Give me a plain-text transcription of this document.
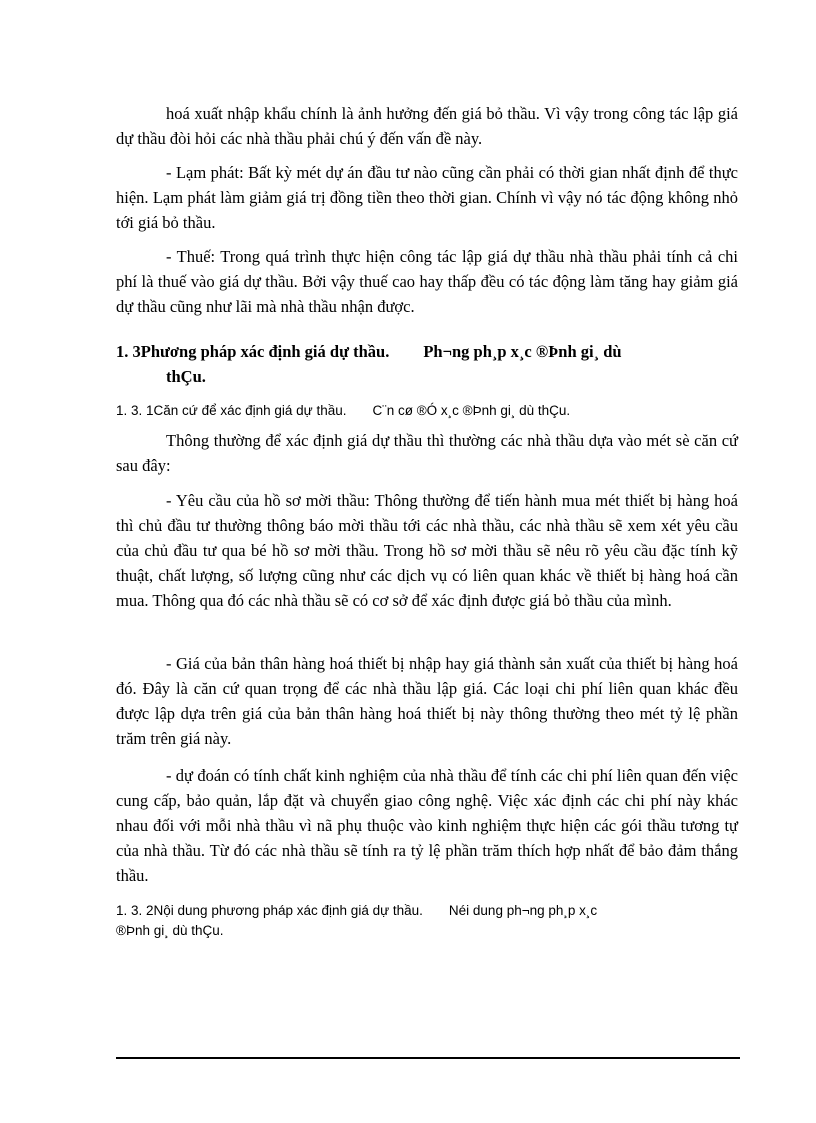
hoá xuất nhập khẩu chính là ảnh hưởng đến giá bỏ thầu. Vì vậy trong công tác lập giá dự thầu đòi hỏi các nhà thầu phải chú ý đến vấn đề này.

- Lạm phát: Bất kỳ mét dự án đầu tư nào cũng cần phải có thời gian nhất định để thực hiện. Lạm phát làm giảm giá trị đồng tiền theo thời gian. Chính vì vậy nó tác động không nhỏ tới giá bỏ thầu.

- Thuế: Trong quá trình thực hiện công tác lập giá dự thầu nhà thầu phải tính cả chi phí là thuế vào giá dự thầu. Bởi vậy thuế cao hay thấp đều có tác động làm tăng hay giảm giá dự thầu cũng như lãi mà nhà thầu nhận được.

1. 3Phương pháp xác định giá dự thầu. Ph¬ng ph¸p x¸c ®Þnh gi¸ dù
thÇu.
1. 3. 1Căn cứ để xác định giá dự thầu. C¨n cø ®Ó x¸c ®Þnh gi¸ dù thÇu.

Thông thường để xác định giá dự thầu thì thường các nhà thầu dựa vào mét sè căn cứ sau đây:

- Yêu cầu của hồ sơ mời thầu: Thông thường để tiến hành mua mét thiết bị hàng hoá thì chủ đầu tư thường thông báo mời thầu tới các nhà thầu, các nhà thầu sẽ xem xét yêu cầu của chủ đầu tư qua bé hồ sơ mời thầu. Trong hồ sơ mời thầu sẽ nêu rõ yêu cầu đặc tính kỹ thuật, chất lượng, số lượng cũng như các dịch vụ có liên quan khác về thiết bị hàng hoá cần mua. Thông qua đó các nhà thầu sẽ có cơ sở để xác định được giá bỏ thầu của mình.

- Giá của bản thân hàng hoá thiết bị nhập hay giá thành sản xuất của thiết bị hàng hoá đó. Đây là căn cứ quan trọng để các nhà thầu lập giá. Các loại chi phí liên quan khác đều được lập dựa trên giá của bản thân hàng hoá thiết bị này thông thường theo mét tỷ lệ phần trăm trên giá này.

- dự đoán có tính chất kinh nghiệm của nhà thầu để tính các chi phí liên quan đến việc cung cấp, bảo quản, lắp đặt và chuyển giao công nghệ. Việc xác định các chi phí này khác nhau đối với mỗi nhà thầu vì nã phụ thuộc vào kinh nghiệm thực hiện các gói thầu tương tự của nhà thầu. Từ đó các nhà thầu sẽ tính ra tỷ lệ phần trăm thích hợp nhất để bảo đảm thắng thầu.

1. 3. 2Nội dung phương pháp xác định giá dự thầu. Néi dung ph¬ng ph¸p x¸c
®Þnh gi¸ dù thÇu.
